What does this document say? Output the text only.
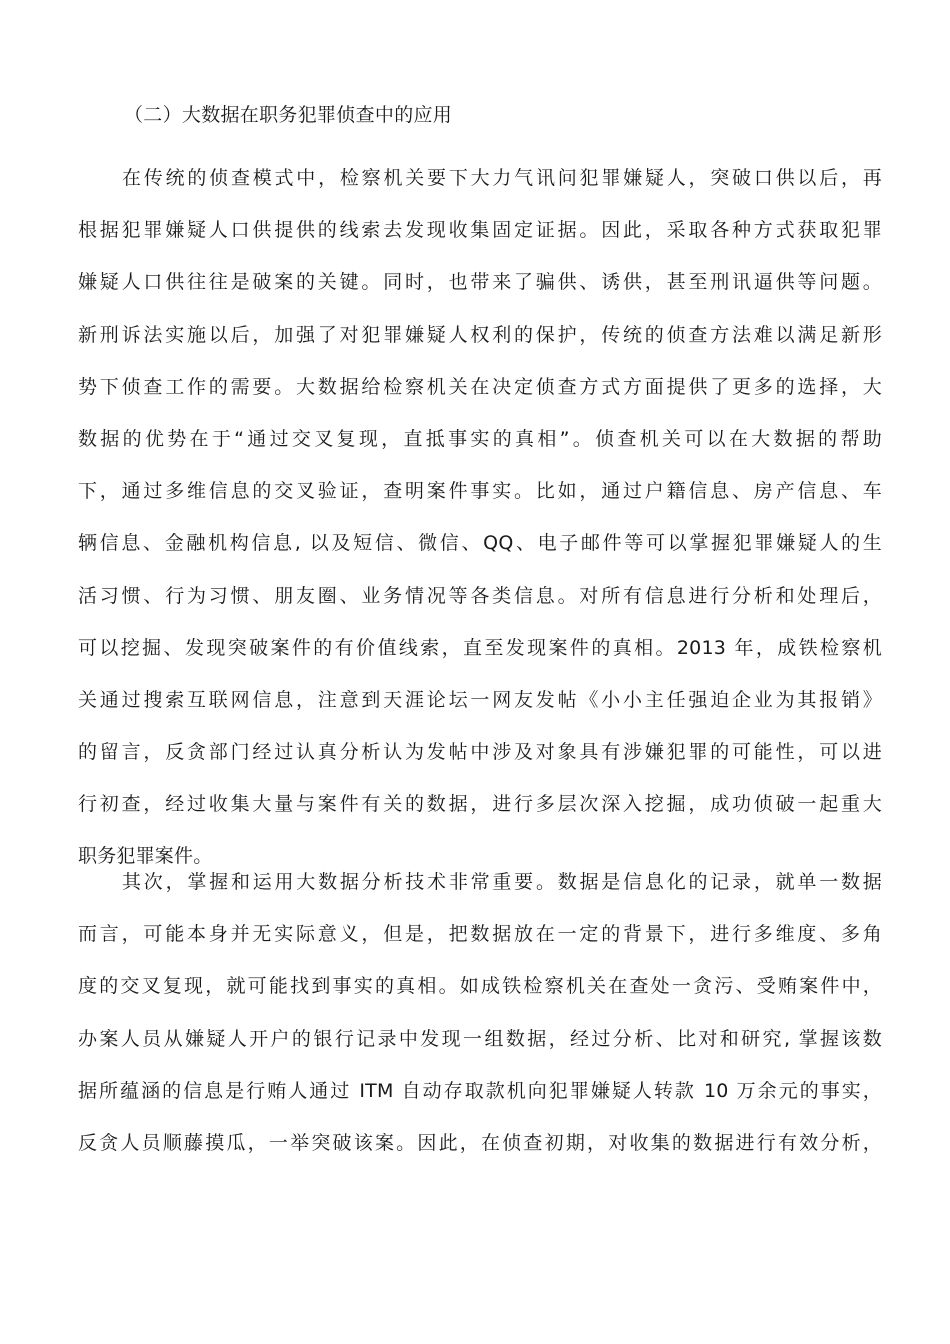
（二）大数据在职务犯罪侦查中的应用
在传统的侦查模式中，检察机关要下大力气讯问犯罪嫌疑人，突破口供以后，再
根据犯罪嫌疑人口供提供的线索去发现收集固定证据。因此，采取各种方式获取犯罪
嫌疑人口供往往是破案的关键。同时，也带来了骗供、诱供，甚至刑讯逼供等问题。
新刑诉法实施以后，加强了对犯罪嫌疑人权利的保护，传统的侦查方法难以满足新形
势下侦查工作的需要。大数据给检察机关在决定侦查方式方面提供了更多的选择，大
数据的优势在于“通过交叉复现，直抵事实的真相”。侦查机关可以在大数据的帮助
下，通过多维信息的交叉验证，查明案件事实。比如，通过户籍信息、房产信息、车
辆信息、金融机构信息, 以及短信、微信、QQ、电子邮件等可以掌握犯罪嫌疑人的生
活习惯、行为习惯、朋友圈、业务情况等各类信息。对所有信息进行分析和处理后，
可以挖掘、发现突破案件的有价值线索，直至发现案件的真相。2013 年，成铁检察机
关通过搜索互联网信息，注意到天涯论坛一网友发帖《小小主任强迫企业为其报销》
的留言，反贪部门经过认真分析认为发帖中涉及对象具有涉嫌犯罪的可能性，可以进
行初查，经过收集大量与案件有关的数据，进行多层次深入挖掘，成功侦破一起重大
职务犯罪案件。
其次，掌握和运用大数据分析技术非常重要。数据是信息化的记录，就单一数据
而言，可能本身并无实际意义，但是，把数据放在一定的背景下，进行多维度、多角
度的交叉复现，就可能找到事实的真相。如成铁检察机关在查处一贪污、受贿案件中，
办案人员从嫌疑人开户的银行记录中发现一组数据，经过分析、比对和研究, 掌握该数
据所蕴涵的信息是行贿人通过 ITM 自动存取款机向犯罪嫌疑人转款 10 万余元的事实，
反贪人员顺藤摸瓜，一举突破该案。因此，在侦查初期，对收集的数据进行有效分析，
